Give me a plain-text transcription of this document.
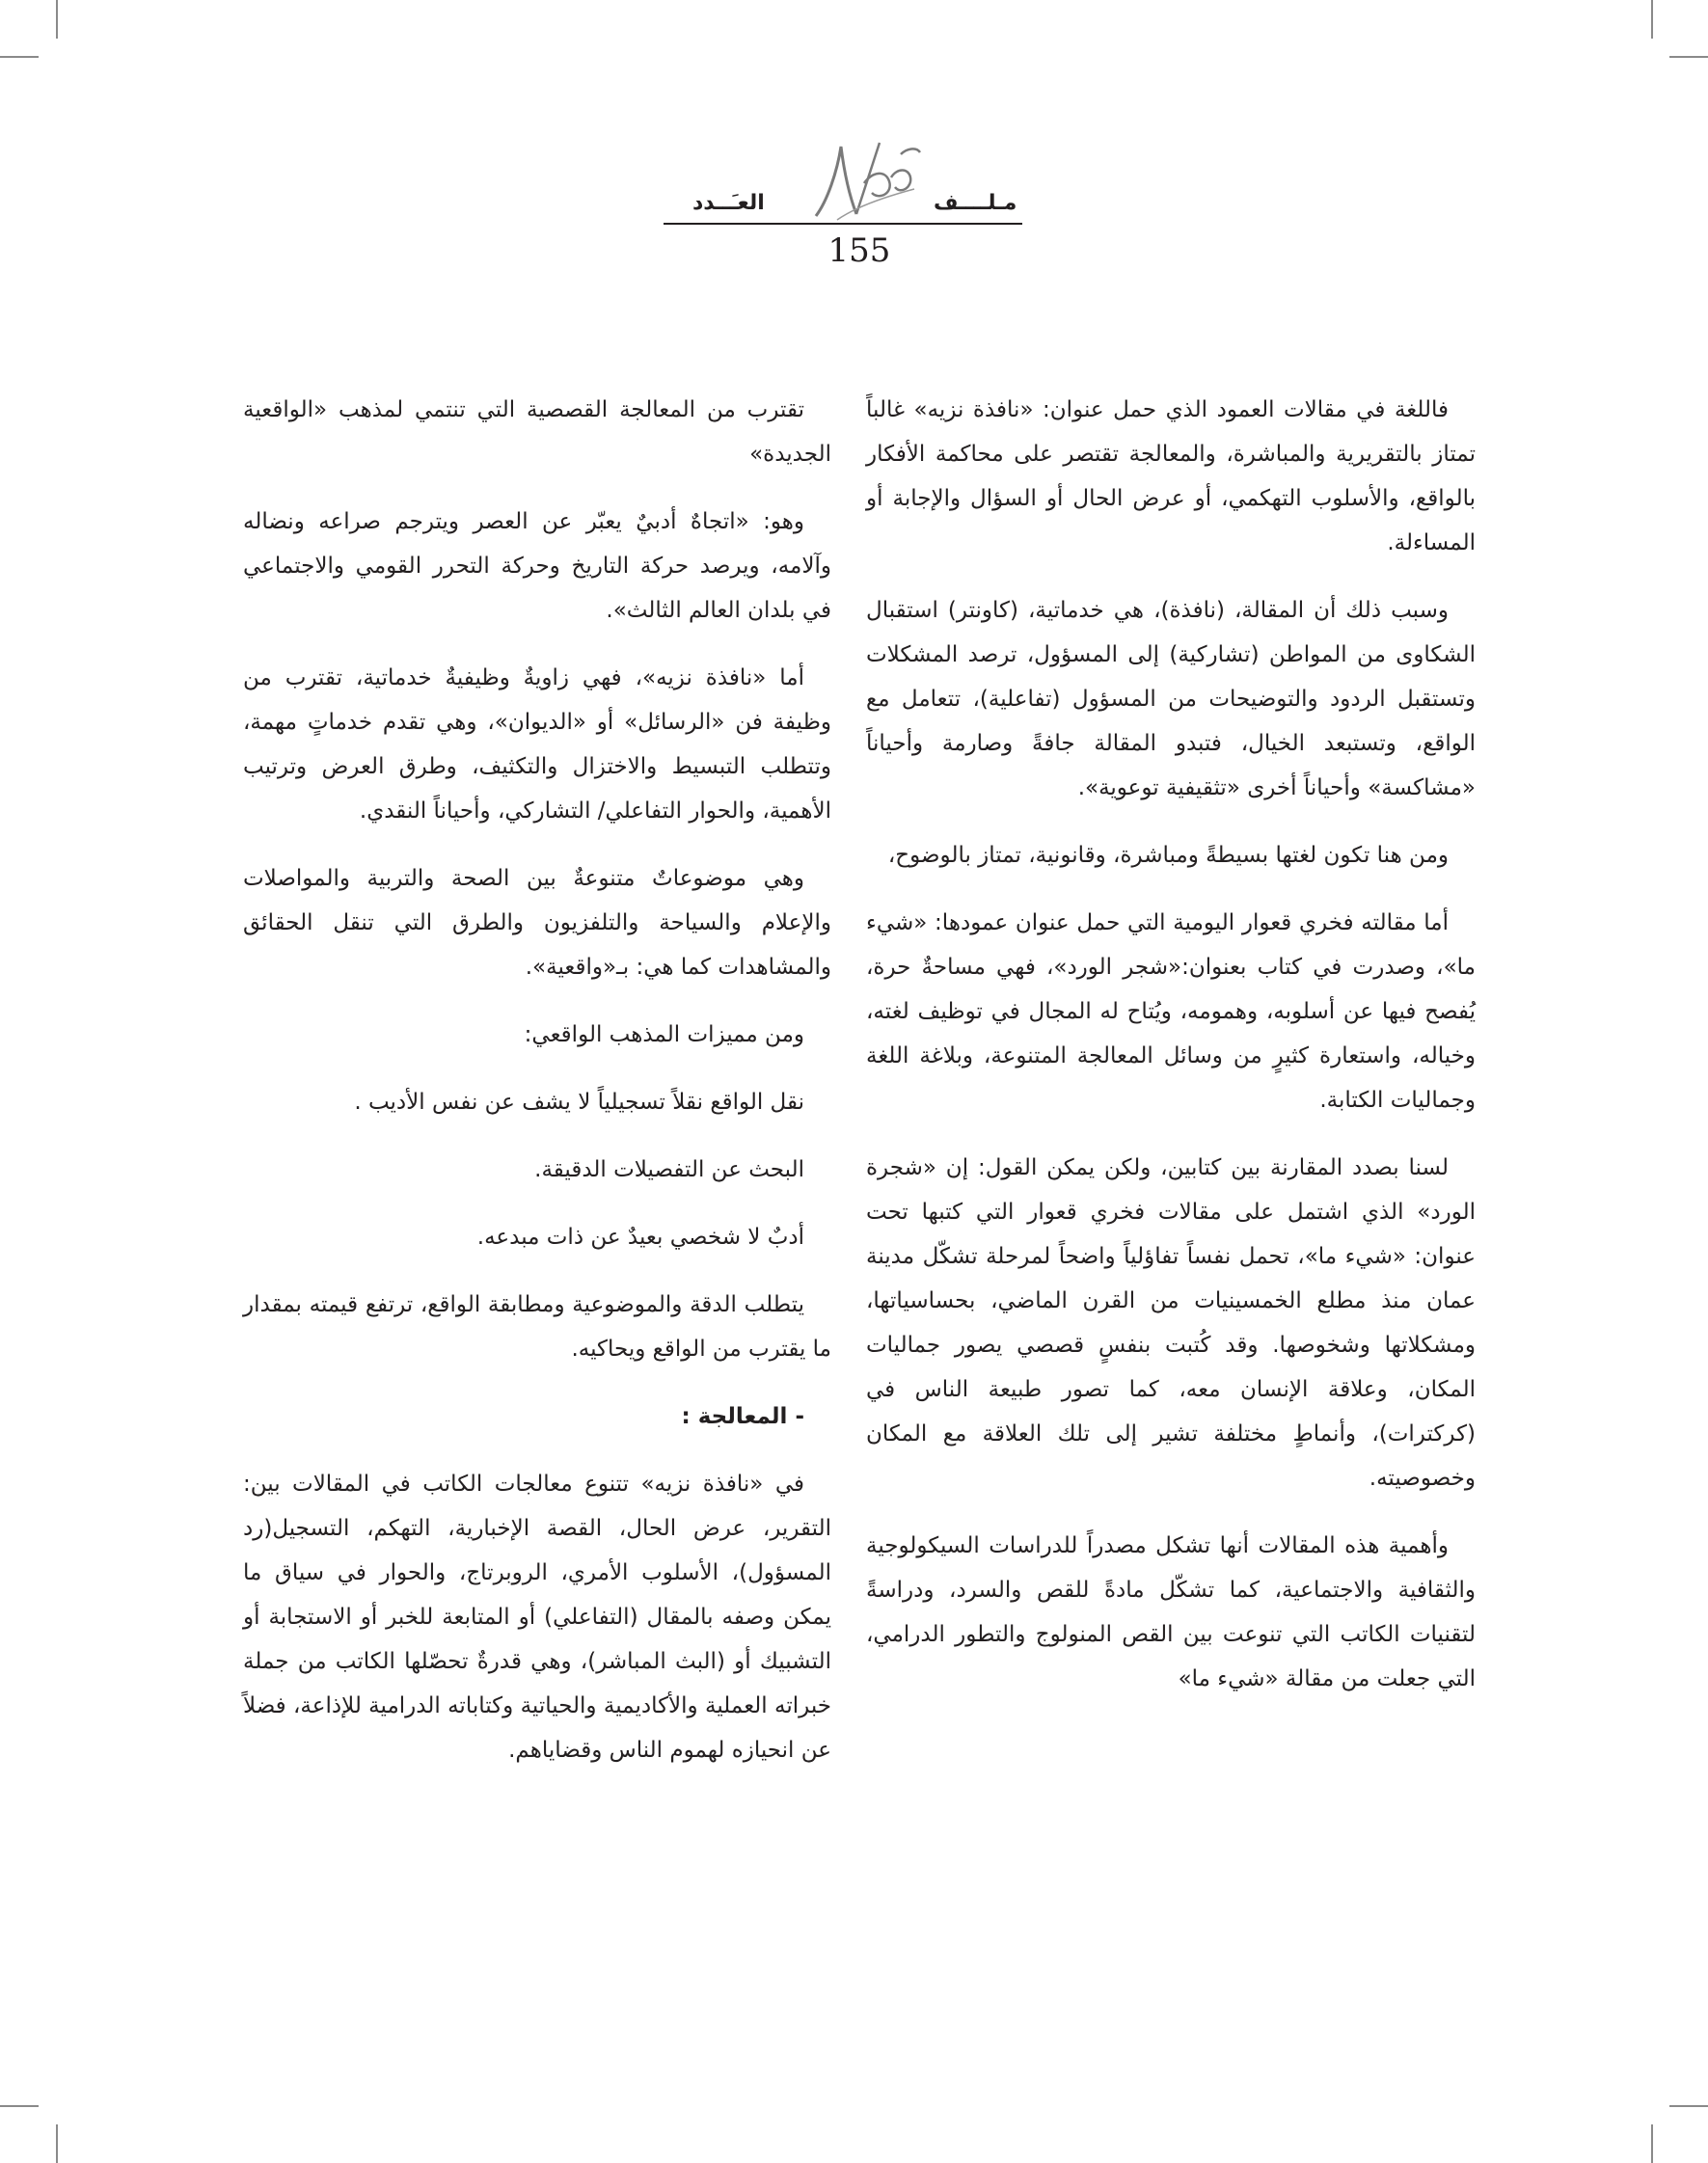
مـلــــف
العـَــدد
155

فاللغة في مقالات العمود الذي حمل عنوان: «نافذة نزيه» غالباً تمتاز بالتقريرية والمباشرة، والمعالجة تقتصر على محاكمة الأفكار بالواقع، والأسلوب التهكمي، أو عرض الحال أو السؤال والإجابة أو المساءلة.

وسبب ذلك أن المقالة، (نافذة)، هي خدماتية، (كاونتر) استقبال الشكاوى من المواطن (تشاركية) إلى المسؤول، ترصد المشكلات وتستقبل الردود والتوضيحات من المسؤول (تفاعلية)، تتعامل مع الواقع، وتستبعد الخيال، فتبدو المقالة جافةً وصارمة وأحياناً «مشاكسة» وأحياناً أخرى «تثقيفية توعوية».

ومن هنا تكون لغتها بسيطةً ومباشرة، وقانونية، تمتاز بالوضوح،

أما مقالته فخري قعوار اليومية التي حمل عنوان عمودها: «شيء ما»، وصدرت في كتاب بعنوان:«شجر الورد»، فهي مساحةٌ حرة، يُفصح فيها عن أسلوبه، وهمومه، ويُتاح له المجال في توظيف لغته، وخياله، واستعارة كثيرٍ من وسائل المعالجة المتنوعة، وبلاغة اللغة وجماليات الكتابة.

لسنا بصدد المقارنة بين كتابين، ولكن يمكن القول: إن «شجرة الورد» الذي اشتمل على مقالات فخري قعوار التي كتبها تحت عنوان: «شيء ما»، تحمل نفساً تفاؤلياً واضحاً لمرحلة تشكّل مدينة عمان منذ مطلع الخمسينيات من القرن الماضي، بحساسياتها، ومشكلاتها وشخوصها. وقد كُتبت بنفسٍ قصصي يصور جماليات المكان، وعلاقة الإنسان معه، كما تصور طبيعة الناس في (كركترات)، وأنماطٍ مختلفة تشير إلى تلك العلاقة مع المكان وخصوصيته.

وأهمية هذه المقالات أنها تشكل مصدراً للدراسات السيكولوجية والثقافية والاجتماعية، كما تشكّل مادةً للقص والسرد، ودراسةً لتقنيات الكاتب التي تنوعت بين القص المنولوج والتطور الدرامي، التي جعلت من مقالة «شيء ما»

تقترب من المعالجة القصصية التي تنتمي لمذهب «الواقعية الجديدة»

وهو: «اتجاهٌ أدبيٌ يعبّر عن العصر ويترجم صراعه ونضاله وآلامه، ويرصد حركة التاريخ وحركة التحرر القومي والاجتماعي في بلدان العالم الثالث».

أما «نافذة نزيه»، فهي زاويةٌ وظيفيةٌ خدماتية، تقترب من وظيفة فن «الرسائل» أو «الديوان»، وهي تقدم خدماتٍ مهمة، وتتطلب التبسيط والاختزال والتكثيف، وطرق العرض وترتيب الأهمية، والحوار التفاعلي/ التشاركي، وأحياناً النقدي.

وهي موضوعاتٌ متنوعةٌ بين الصحة والتربية والمواصلات والإعلام والسياحة والتلفزيون والطرق التي تنقل الحقائق والمشاهدات كما هي: بـ«واقعية».

ومن مميزات المذهب الواقعي:

نقل الواقع نقلاً تسجيلياً لا يشف عن نفس الأديب .

البحث عن التفصيلات الدقيقة.

أدبٌ لا شخصي بعيدٌ عن ذات مبدعه.

يتطلب الدقة والموضوعية ومطابقة الواقع، ترتفع قيمته بمقدار ما يقترب من الواقع ويحاكيه.

- المعالجة :

في «نافذة نزيه» تتنوع معالجات الكاتب في المقالات بين: التقرير، عرض الحال، القصة الإخبارية، التهكم، التسجيل(رد المسؤول)، الأسلوب الأمري، الروبرتاج، والحوار في سياق ما يمكن وصفه بالمقال (التفاعلي) أو المتابعة للخبر أو الاستجابة أو التشبيك أو (البث المباشر)، وهي قدرةٌ تحصّلها الكاتب من جملة خبراته العملية والأكاديمية والحياتية وكتاباته الدرامية للإذاعة، فضلاً عن انحيازه لهموم الناس وقضاياهم.
